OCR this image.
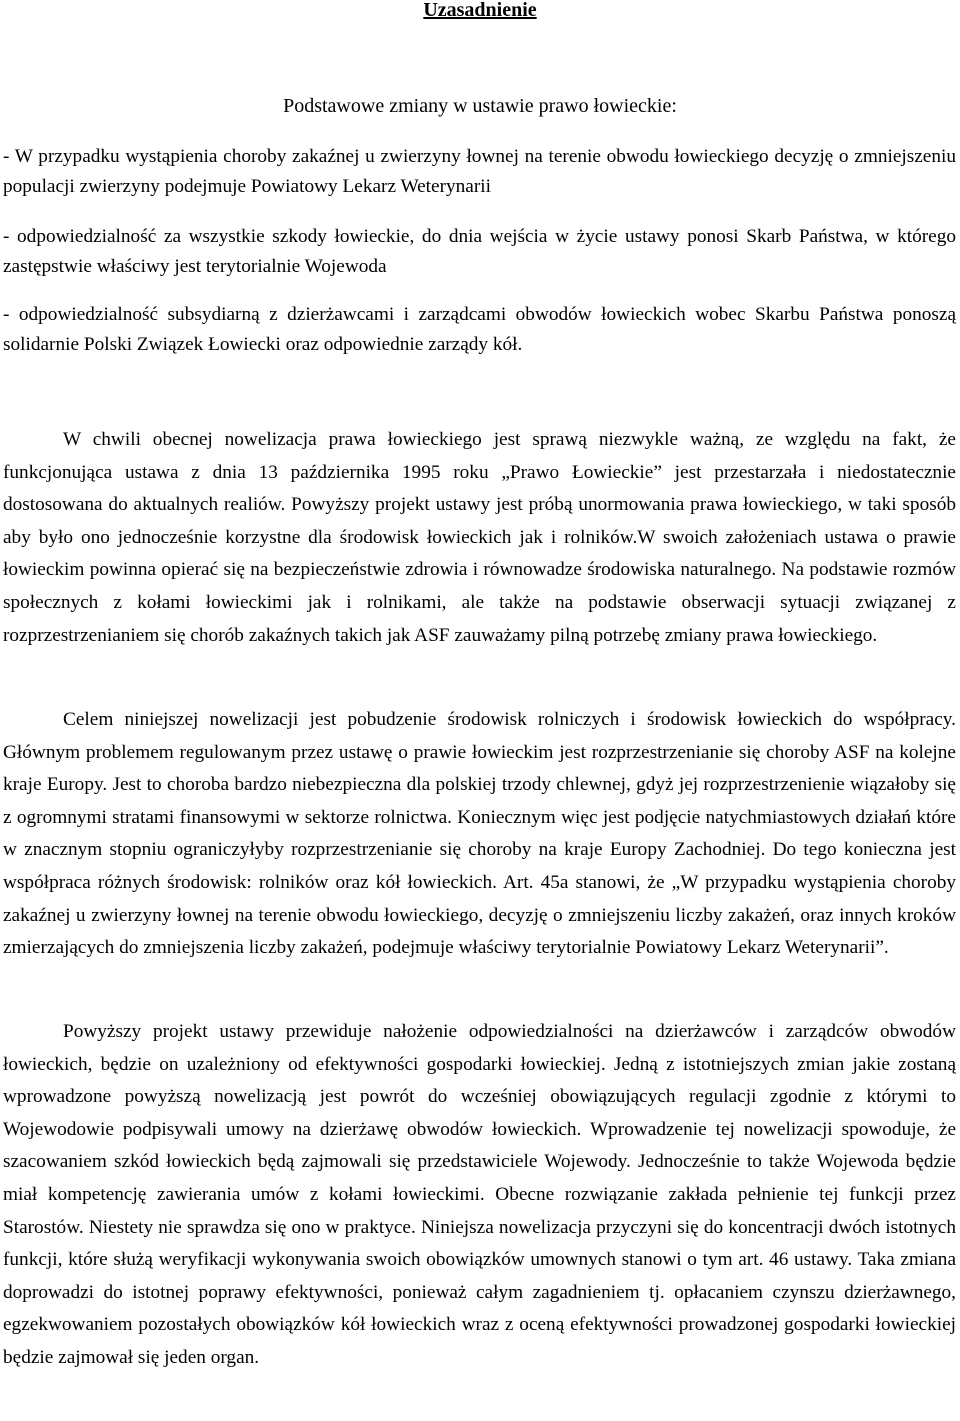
Uzasadnienie
Podstawowe zmiany w ustawie prawo łowieckie:

- W przypadku wystąpienia choroby zakaźnej u zwierzyny łownej na terenie obwodu łowieckiego decyzję o zmniejszeniu populacji zwierzyny podejmuje Powiatowy Lekarz Weterynarii

- odpowiedzialność za wszystkie szkody łowieckie, do dnia wejścia w życie ustawy ponosi Skarb Państwa, w którego zastępstwie właściwy jest terytorialnie Wojewoda

- odpowiedzialność subsydiarną z dzierżawcami i zarządcami obwodów łowieckich wobec Skarbu Państwa ponoszą solidarnie Polski Związek Łowiecki oraz odpowiednie zarządy kół.

W chwili obecnej nowelizacja prawa łowieckiego jest sprawą niezwykle ważną, ze względu na fakt, że funkcjonująca ustawa z dnia 13 października 1995 roku „Prawo Łowieckie” jest przestarzała i niedostatecznie dostosowana do aktualnych realiów. Powyższy projekt ustawy jest próbą unormowania prawa łowieckiego, w taki sposób aby było ono jednocześnie korzystne dla środowisk łowieckich jak i rolników.W swoich założeniach ustawa o prawie łowieckim powinna opierać się na bezpieczeństwie zdrowia i równowadze środowiska naturalnego. Na podstawie rozmów społecznych z kołami łowieckimi jak i rolnikami, ale także na podstawie obserwacji sytuacji związanej z rozprzestrzenianiem się chorób zakaźnych takich jak ASF zauważamy pilną potrzebę zmiany prawa łowieckiego.

Celem niniejszej nowelizacji jest pobudzenie środowisk rolniczych i środowisk łowieckich do współpracy. Głównym problemem regulowanym przez ustawę o prawie łowieckim jest rozprzestrzenianie się choroby ASF na kolejne kraje Europy. Jest to choroba bardzo niebezpieczna dla polskiej trzody chlewnej, gdyż jej rozprzestrzenienie wiązałoby się z ogromnymi stratami finansowymi w sektorze rolnictwa. Koniecznym więc jest podjęcie natychmiastowych działań które w znacznym stopniu ograniczyłyby rozprzestrzenianie się choroby na kraje Europy Zachodniej. Do tego konieczna jest współpraca różnych środowisk: rolników oraz kół łowieckich. Art. 45a stanowi, że „W przypadku wystąpienia choroby zakaźnej u zwierzyny łownej na terenie obwodu łowieckiego, decyzję o zmniejszeniu liczby zakażeń, oraz innych kroków zmierzających do zmniejszenia liczby zakażeń, podejmuje właściwy terytorialnie Powiatowy Lekarz Weterynarii”.

Powyższy projekt ustawy przewiduje nałożenie odpowiedzialności na dzierżawców i zarządców obwodów łowieckich, będzie on uzależniony od efektywności gospodarki łowieckiej. Jedną z istotniejszych zmian jakie zostaną wprowadzone powyższą nowelizacją jest powrót do wcześniej obowiązujących regulacji zgodnie z którymi to Wojewodowie podpisywali umowy na dzierżawę obwodów łowieckich. Wprowadzenie tej nowelizacji spowoduje, że szacowaniem szkód łowieckich będą zajmowali się przedstawiciele Wojewody. Jednocześnie to także Wojewoda będzie miał kompetencję zawierania umów z kołami łowieckimi. Obecne rozwiązanie zakłada pełnienie tej funkcji przez Starostów. Niestety nie sprawdza się ono w praktyce. Niniejsza nowelizacja przyczyni się do koncentracji dwóch istotnych funkcji, które służą weryfikacji wykonywania swoich obowiązków umownych stanowi o tym art. 46 ustawy. Taka zmiana doprowadzi do istotnej poprawy efektywności, ponieważ całym zagadnieniem tj. opłacaniem czynszu dzierżawnego, egzekwowaniem pozostałych obowiązków kół łowieckich wraz z oceną efektywności prowadzonej gospodarki łowieckiej będzie zajmował się jeden organ.
